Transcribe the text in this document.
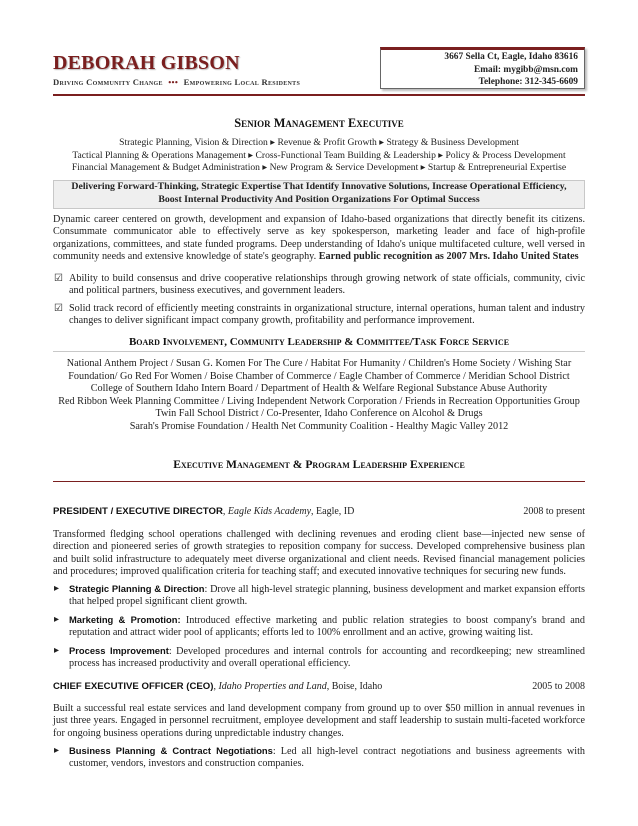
DEBORAH GIBSON
Driving Community Change ••• Empowering Local Residents
3667 Sella Ct, Eagle, Idaho 83616
Email: mygibb@msn.com
Telephone: 312-345-6609
Senior Management Executive
Strategic Planning, Vision & Direction ▸ Revenue & Profit Growth ▸ Strategy & Business Development
Tactical Planning & Operations Management ▸ Cross-Functional Team Building & Leadership ▸ Policy & Process Development
Financial Management & Budget Administration ▸ New Program & Service Development ▸ Startup & Entrepreneurial Expertise
Delivering Forward-Thinking, Strategic Expertise That Identify Innovative Solutions, Increase Operational Efficiency,
Boost Internal Productivity And Position Organizations For Optimal Success
Dynamic career centered on growth, development and expansion of Idaho-based organizations that directly benefit its citizens. Consummate communicator able to effectively serve as key spokesperson, marketing leader and face of high-profile organizations, committees, and state funded programs. Deep understanding of Idaho's unique multifaceted culture, well versed in community needs and extensive knowledge of state's geography. Earned public recognition as 2007 Mrs. Idaho United States
☑ Ability to build consensus and drive cooperative relationships through growing network of state officials, community, civic and political partners, business executives, and government leaders.
☑ Solid track record of efficiently meeting constraints in organizational structure, internal operations, human talent and industry changes to deliver significant impact company growth, profitability and performance improvement.
Board Involvement, Community Leadership & Committee/Task Force Service
National Anthem Project / Susan G. Komen For The Cure / Habitat For Humanity / Children's Home Society / Wishing Star
Foundation/ Go Red For Women / Boise Chamber of Commerce / Eagle Chamber of Commerce / Meridian School District
College of Southern Idaho Intern Board / Department of Health & Welfare Regional Substance Abuse Authority
Red Ribbon Week Planning Committee / Living Independent Network Corporation / Friends in Recreation Opportunities Group
Twin Fall School District / Co-Presenter, Idaho Conference on Alcohol & Drugs
Sarah's Promise Foundation / Health Net Community Coalition - Healthy Magic Valley 2012
Executive Management & Program Leadership Experience
PRESIDENT / EXECUTIVE DIRECTOR, Eagle Kids Academy, Eagle, ID	2008 to present
Transformed fledging school operations challenged with declining revenues and eroding client base—injected new sense of direction and pioneered series of growth strategies to reposition company for success. Developed comprehensive business plan and built solid infrastructure to adequately meet diverse organizational and client needs. Revised financial management policies and procedures; improved qualification criteria for teaching staff; and executed innovative techniques for securing new funds.
▸ Strategic Planning & Direction: Drove all high-level strategic planning, business development and market expansion efforts that helped propel significant client growth.
▸ Marketing & Promotion: Introduced effective marketing and public relation strategies to boost company's brand and reputation and attract wider pool of applicants; efforts led to 100% enrollment and an active, growing waiting list.
▸ Process Improvement: Developed procedures and internal controls for accounting and recordkeeping; new streamlined process has increased productivity and overall operational efficiency.
CHIEF EXECUTIVE OFFICER (CEO), Idaho Properties and Land, Boise, Idaho	2005 to 2008
Built a successful real estate services and land development company from ground up to over $50 million in annual revenues in just three years. Engaged in personnel recruitment, employee development and staff leadership to sustain multi-faceted workforce for ongoing business operations during unpredictable industry changes.
▸ Business Planning & Contract Negotiations: Led all high-level contract negotiations and business agreements with customer, vendors, investors and construction companies.
